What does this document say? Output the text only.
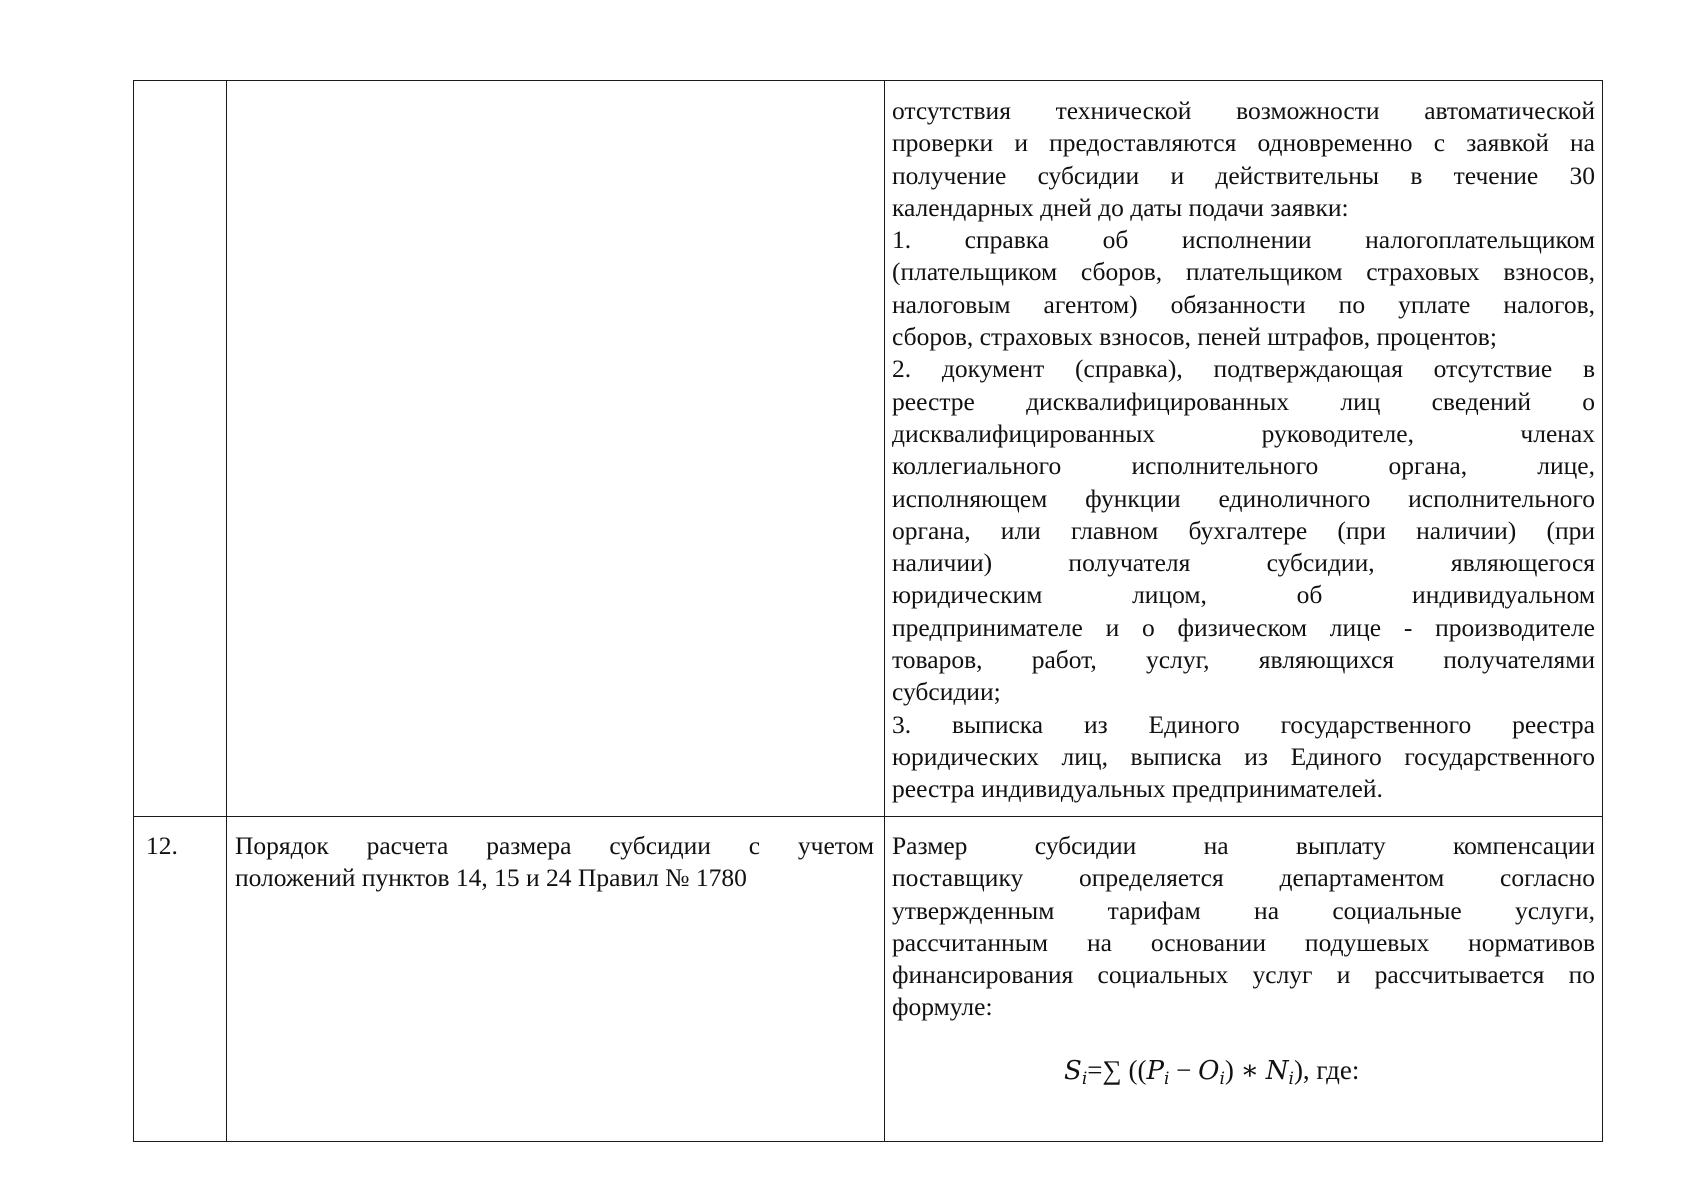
отсутствия технической возможности автоматической
проверки и предоставляются одновременно с заявкой на
получение субсидии и действительны в течение 30
календарных дней до даты подачи заявки:
1. справка об исполнении налогоплательщиком
(плательщиком сборов, плательщиком страховых взносов,
налоговым агентом) обязанности по уплате налогов,
сборов, страховых взносов, пеней штрафов, процентов;
2. документ (справка), подтверждающая отсутствие в
реестре дисквалифицированных лиц сведений о
дисквалифицированных руководителе, членах
коллегиального исполнительного органа, лице,
исполняющем функции единоличного исполнительного
органа, или главном бухгалтере (при наличии) (при
наличии) получателя субсидии, являющегося
юридическим лицом, об индивидуальном
предпринимателе и о физическом лице - производителе
товаров, работ, услуг, являющихся получателями
субсидии;
3. выписка из Единого государственного реестра
юридических лиц, выписка из Единого государственного
реестра индивидуальных предпринимателей.
12. Порядок расчета размера субсидии с учетом
положений пунктов 14, 15 и 24 Правил № 1780
Размер субсидии на выплату компенсации
поставщику определяется департаментом согласно
утвержденным тарифам на социальные услуги,
рассчитанным на основании подушевых нормативов
финансирования социальных услуг и рассчитывается по
формуле:
$S_i=\sum$ ($(P_i - O_i)$ ∗ $N_i$), где:
